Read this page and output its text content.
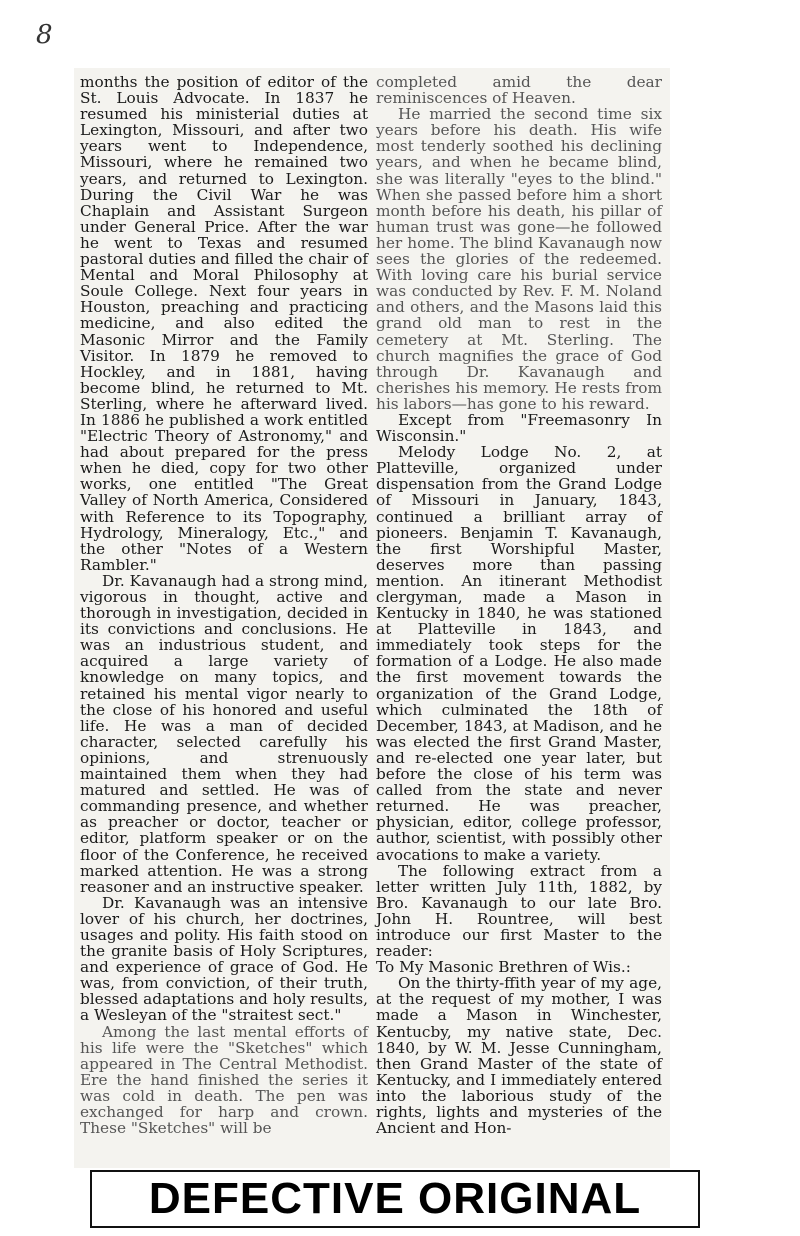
8

months the position of editor of the St. Louis Advocate. In 1837 he resumed his ministerial duties at Lexington, Missouri, and after two years went to Independence, Missouri, where he remained two years, and returned to Lexington. During the Civil War he was Chaplain and Assistant Surgeon under General Price. After the war he went to Texas and resumed pastoral duties and filled the chair of Mental and Moral Philosophy at Soule College. Next four years in Houston, preaching and practicing medicine, and also edited the Masonic Mirror and the Family Visitor. In 1879 he removed to Hockley, and in 1881, having become blind, he returned to Mt. Sterling, where he afterward lived. In 1886 he published a work entitled "Electric Theory of Astronomy," and had about prepared for the press when he died, copy for two other works, one entitled "The Great Valley of North America, Considered with Reference to its Topography, Hydrology, Mineralogy, Etc.," and the other "Notes of a Western Rambler."

Dr. Kavanaugh had a strong mind, vigorous in thought, active and thorough in investigation, decided in its convictions and conclusions. He was an industrious student, and acquired a large variety of knowledge on many topics, and retained his mental vigor nearly to the close of his honored and useful life. He was a man of decided character, selected carefully his opinions, and strenuously maintained them when they had matured and settled. He was of commanding presence, and whether as preacher or doctor, teacher or editor, platform speaker or on the floor of the Conference, he received marked attention. He was a strong reasoner and an instructive speaker.

Dr. Kavanaugh was an intensive lover of his church, her doctrines, usages and polity. His faith stood on the granite basis of Holy Scriptures, and experience of grace of God. He was, from conviction, of their truth, blessed adaptations and holy results, a Wesleyan of the "straitest sect."

Among the last mental efforts of his life were the "Sketches" which appeared in The Central Methodist. Ere the hand finished the series it was cold in death. The pen was exchanged for harp and crown. These "Sketches" will be

completed amid the dear reminiscences of Heaven.

He married the second time six years before his death. His wife most tenderly soothed his declining years, and when he became blind, she was literally "eyes to the blind." When she passed before him a short month before his death, his pillar of human trust was gone—he followed her home. The blind Kavanaugh now sees the glories of the redeemed. With loving care his burial service was conducted by Rev. F. M. Noland and others, and the Masons laid this grand old man to rest in the cemetery at Mt. Sterling. The church magnifies the grace of God through Dr. Kavanaugh and cherishes his memory. He rests from his labors—has gone to his reward.

Except from "Freemasonry In Wisconsin."

Melody Lodge No. 2, at Platteville, organized under dispensation from the Grand Lodge of Missouri in January, 1843, continued a brilliant array of pioneers. Benjamin T. Kavanaugh, the first Worshipful Master, deserves more than passing mention. An itinerant Methodist clergyman, made a Mason in Kentucky in 1840, he was stationed at Platteville in 1843, and immediately took steps for the formation of a Lodge. He also made the first movement towards the organization of the Grand Lodge, which culminated the 18th of December, 1843, at Madison, and he was elected the first Grand Master, and re-elected one year later, but before the close of his term was called from the state and never returned. He was preacher, physician, editor, college professor, author, scientist, with possibly other avocations to make a variety.

The following extract from a letter written July 11th, 1882, by Bro. Kavanaugh to our late Bro. John H. Rountree, will best introduce our first Master to the reader:

To My Masonic Brethren of Wis.:

On the thirty-ffith year of my age, at the request of my mother, I was made a Mason in Winchester, Kentucby, my native state, Dec. 1840, by W. M. Jesse Cunningham, then Grand Master of the state of Kentucky, and I immediately entered into the laborious study of the rights, lights and mysteries of the Ancient and Hon-

DEFECTIVE ORIGINAL
